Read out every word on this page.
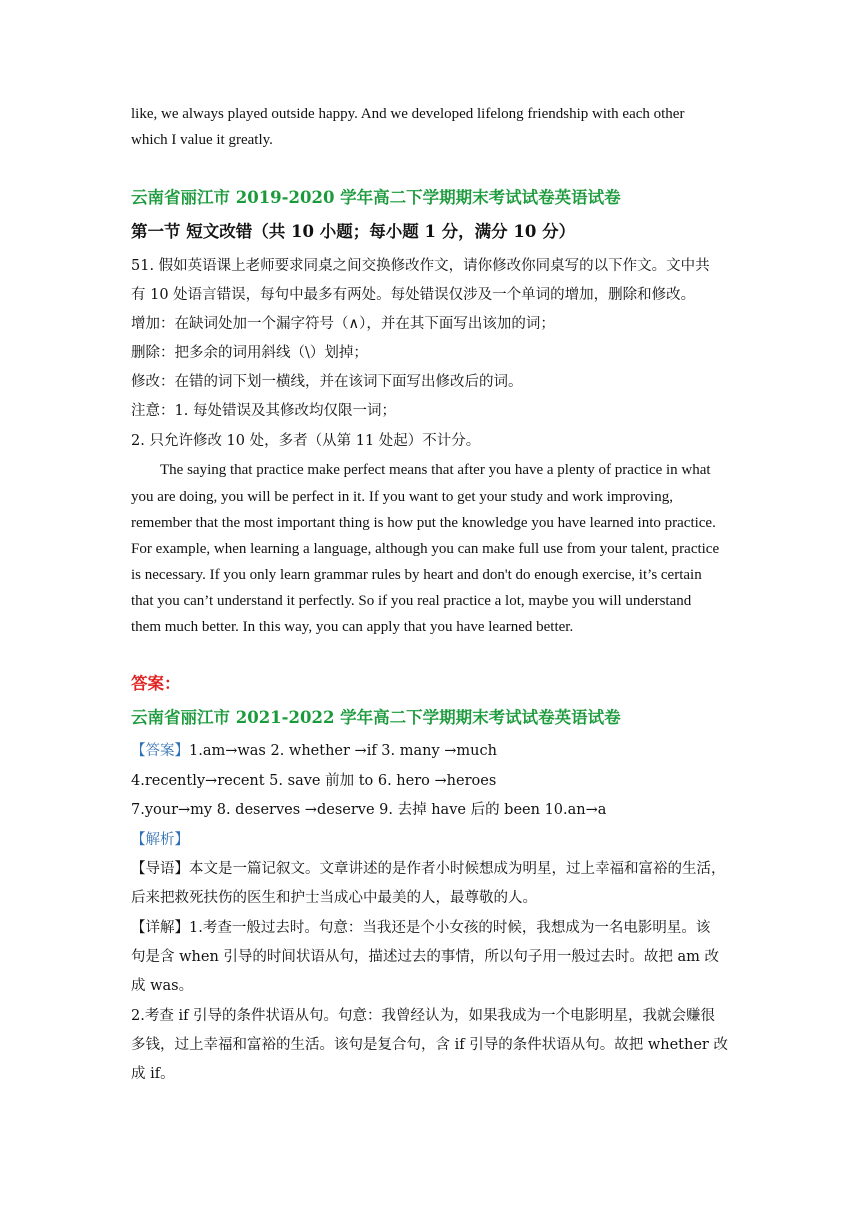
like, we always played outside happy. And we developed lifelong friendship with each other
which I value it greatly.
云南省丽江市 2019-2020 学年高二下学期期末考试试卷英语试卷
第一节 短文改错（共 10 小题；每小题 1 分，满分 10 分）
51. 假如英语课上老师要求同桌之间交换修改作文，请你修改你同桌写的以下作文。文中共
有 10 处语言错误，每句中最多有两处。每处错误仅涉及一个单词的增加，删除和修改。
增加：在缺词处加一个漏字符号（∧），并在其下面写出该加的词；
删除：把多余的词用斜线（\）划掉；
修改：在错的词下划一横线，并在该词下面写出修改后的词。
注意：1. 每处错误及其修改均仅限一词；
2. 只允许修改 10 处，多者（从第 11 处起）不计分。
The saying that practice make perfect means that after you have a plenty of practice in what
you are doing, you will be perfect in it. If you want to get your study and work improving,
remember that the most important thing is how put the knowledge you have learned into practice.
For example, when learning a language, although you can make full use from your talent, practice
is necessary. If you only learn grammar rules by heart and don't do enough exercise, it’s certain
that you can’t understand it perfectly. So if you real practice a lot, maybe you will understand
them much better. In this way, you can apply that you have learned better.
答案：
云南省丽江市 2021-2022 学年高二下学期期末考试试卷英语试卷
【答案】1.am→was 2. whether →if 3. many →much
4.recently→recent 5. save 前加 to 6. hero →heroes
7.your→my 8. deserves →deserve 9. 去掉 have 后的 been 10.an→a
【解析】
【导语】本文是一篇记叙文。文章讲述的是作者小时候想成为明星，过上幸福和富裕的生活，
后来把救死扶伤的医生和护士当成心中最美的人，最尊敬的人。
【详解】1.考查一般过去时。句意：当我还是个小女孩的时候，我想成为一名电影明星。该
句是含 when 引导的时间状语从句，描述过去的事情，所以句子用一般过去时。故把 am 改
成 was。
2.考查 if 引导的条件状语从句。句意：我曾经认为，如果我成为一个电影明星，我就会赚很
多钱，过上幸福和富裕的生活。该句是复合句，含 if 引导的条件状语从句。故把 whether 改
成 if。
